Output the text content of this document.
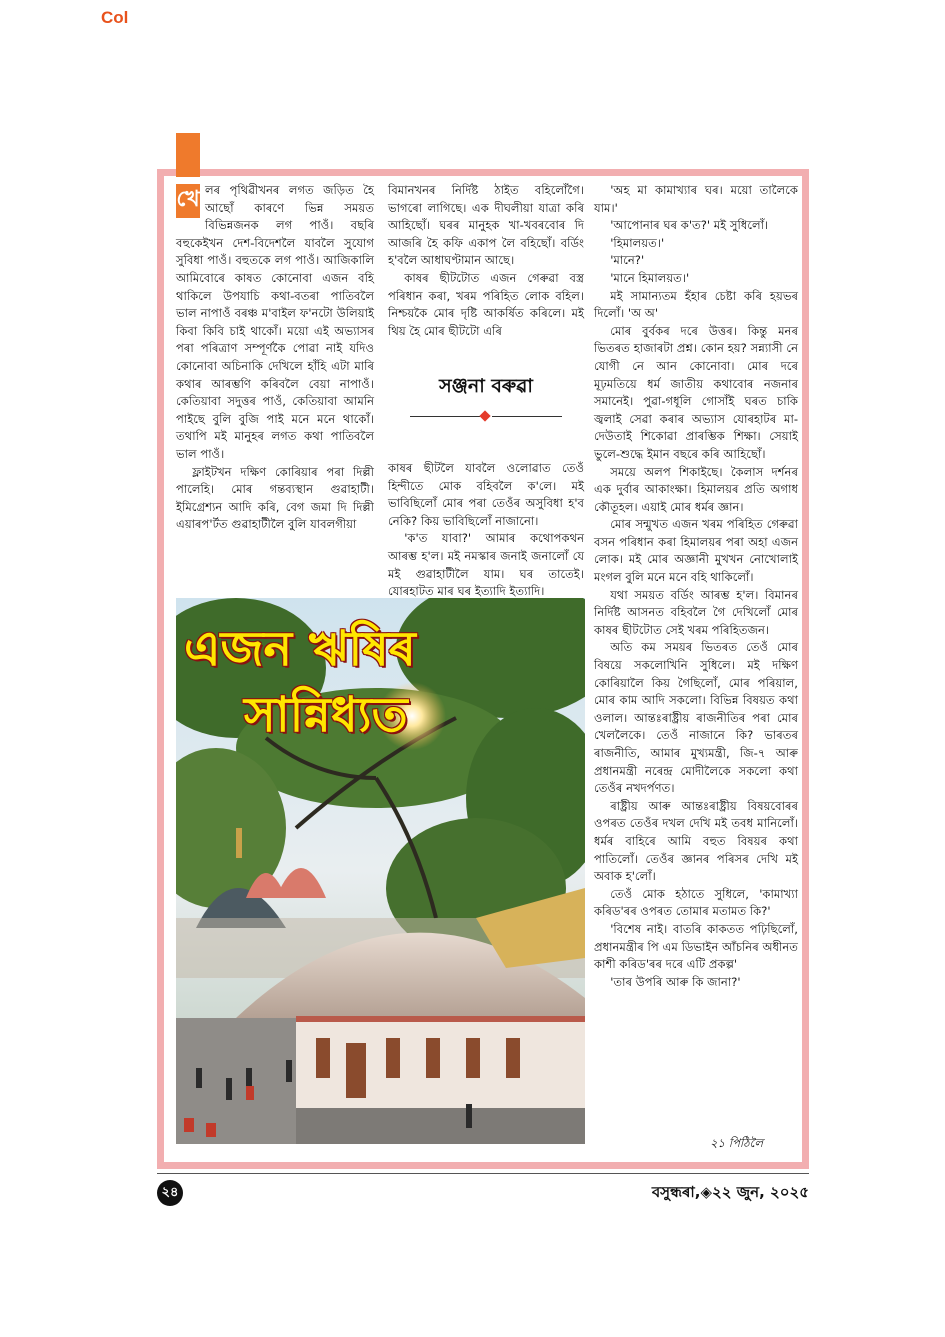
Col

খে লৰ পৃথিৱীখনৰ লগত জড়িত হৈ আছোঁ কাৰণে ভিন্ন সময়ত বিভিন্নজনক লগ পাওঁ। বছৰি বহুকেইখন দেশ-বিদেশলৈ যাবলৈ সুযোগ সুবিধা পাওঁ। বহুতকে লগ পাওঁ। আজিকালি আমিবোৰে কাষত কোনোবা এজন বহি থাকিলে উপযাচি কথা-বতৰা পাতিবলৈ ভাল নাপাওঁ বৰঞ্চ ম'বাইল ফ'নটো উলিয়াই কিবা কিবি চাই থাকোঁ। ময়ো এই অভ্যাসৰ পৰা পৰিত্ৰাণ সম্পূৰ্ণকৈ পোৱা নাই যদিও কোনোবা অচিনাকি দেখিলে হাঁহি এটা মাৰি কথাৰ আৰম্ভণি কৰিবলৈ বেয়া নাপাওঁ। কেতিয়াবা সদুত্তৰ পাওঁ, কেতিয়াবা আমনি পাইছে বুলি বুজি পাই মনে মনে থাকোঁ। তথাপি মই মানুহৰ লগত কথা পাতিবলৈ ভাল পাওঁ।

ফ্লাইটখন দক্ষিণ কোৰিয়াৰ পৰা দিল্লী পালেহি। মোৰ গন্তব্যস্থান গুৱাহাটী। ইমিগ্ৰেশ্যন আদি কৰি, বেগ জমা দি দিল্লী এয়াৰপ'ৰ্টত গুৱাহাটীলৈ বুলি যাবলগীয়া

বিমানখনৰ নিৰ্দিষ্ট ঠাইত বহিলোঁগৈ। ভাগৰো লাগিছে। এক দীঘলীয়া যাত্ৰা কৰি আহিছোঁ। ঘৰৰ মানুহক খা-খবৰবোৰ দি আজৰি হৈ কফি একাপ লৈ বহিছোঁ। বৰ্ডিং হ'বলৈ আধাঘণ্টামান আছে।

কাষৰ ছীটটোত এজন গেৰুৱা বস্ত্ৰ পৰিধান কৰা, খৰম পৰিহিত লোক বহিল। নিশ্চয়কৈ মোৰ দৃষ্টি আকৰ্ষিত কৰিলে। মই থিয় হৈ মোৰ ছীটটো এৰি

সঞ্জনা বৰুৱা

কাষৰ ছীটলৈ যাবলৈ ওলোৱাত তেওঁ হিন্দীতে মোক বহিবলৈ ক'লে। মই ভাবিছিলোঁ মোৰ পৰা তেওঁৰ অসুবিধা হ'ব নেকি? কিয় ভাবিছিলোঁ নাজানো।

'ক'ত যাবা?' আমাৰ কথোপকথন আৰম্ভ হ'ল। মই নমস্কাৰ জনাই জনালোঁ যে মই গুৱাহাটীলৈ যাম। ঘৰ তাতেই। যোৰহাটত মাৰ ঘৰ ইত্যাদি ইত্যাদি।

'অহ মা কামাখ্যাৰ ঘৰ। ময়ো তালৈকে যাম।'

'আপোনাৰ ঘৰ ক'ত?' মই সুধিলোঁ।

'হিমালয়ত।'

'মানে?'

'মানে হিমালয়ত।'

মই সামান্যতম হঁহাৰ চেষ্টা কৰি হয়ভৰ দিলোঁ। 'অ অ'

মোৰ বুৰ্বকৰ দৰে উত্তৰ। কিন্তু মনৰ ভিতৰত হাজাৰটা প্ৰশ্ন। কোন হয়? সন্ন্যাসী নে যোগী নে আন কোনোবা। মোৰ দৰে মূঢ়মতিয়ে ধৰ্ম জাতীয় কথাবোৰ নজনাৰ সমানেই। পুৱা-গধূলি গোসাঁই ঘৰত চাকি জ্বলাই সেৱা কৰাৰ অভ্যাস যোৰহাটৰ মা-দেউতাই শিকোৱা প্ৰাৰম্ভিক শিক্ষা। সেয়াই ভুলে-শুদ্ধে ইমান বছৰে কৰি আহিছোঁ।

সময়ে অলপ শিকাইছে। কৈলাস দৰ্শনৰ এক দুৰ্বাৰ আকাংক্ষা। হিমালয়ৰ প্ৰতি অগাধ কৌতূহল। এয়াই মোৰ ধৰ্মৰ জ্ঞান।

মোৰ সন্মুখত এজন খৰম পৰিহিত গেৰুৱা বসন পৰিধান কৰা হিমালয়ৰ পৰা অহা এজন লোক। মই মোৰ অজ্ঞানী মুখখন নোখোলাই মংগল বুলি মনে মনে বহি থাকিলোঁ।

যথা সময়ত বৰ্ডিং আৰম্ভ হ'ল। বিমানৰ নিৰ্দিষ্ট আসনত বহিবলৈ গৈ দেখিলোঁ মোৰ কাষৰ ছীটটোত সেই খৰম পৰিহিতজন।

অতি কম সময়ৰ ভিতৰত তেওঁ মোৰ বিষয়ে সকলোখিনি সুধিলে। মই দক্ষিণ কোৰিয়ালৈ কিয় গৈছিলোঁ, মোৰ পৰিয়াল, মোৰ কাম আদি সকলো। বিভিন্ন বিষয়ত কথা ওলাল। আন্তঃৰাষ্ট্ৰীয় ৰাজনীতিৰ পৰা মোৰ খেললৈকে। তেওঁ নাজানে কি? ভাৰতৰ ৰাজনীতি, আমাৰ মুখ্যমন্ত্ৰী, জি-৭ আৰু প্ৰধানমন্ত্ৰী নৰেন্দ্ৰ মোদীলৈকে সকলো কথা তেওঁৰ নখদৰ্পণত।

ৰাষ্ট্ৰীয় আৰু আন্তঃৰাষ্ট্ৰীয় বিষয়বোৰৰ ওপৰত তেওঁৰ দখল দেখি মই তবধ মানিলোঁ। ধৰ্মৰ বাহিৰে আমি বহুত বিষয়ৰ কথা পাতিলোঁ। তেওঁৰ জ্ঞানৰ পৰিসৰ দেখি মই অবাক হ'লোঁ।

তেওঁ মোক হঠাতে সুধিলে, 'কামাখ্যা কৰিড'ৰৰ ওপৰত তোমাৰ মতামত কি?'

'বিশেষ নাই। বাতৰি কাকতত পঢ়িছিলোঁ, প্ৰধানমন্ত্ৰীৰ পি এম ডিভাইন আঁচনিৰ অধীনত কাশী কৰিড'ৰৰ দৰে এটি প্ৰকল্প'

'তাৰ উপৰি আৰু কি জানা?'

এজন ঋষিৰ
সান্নিধ্যত
২১ পিঠিলৈ
২৪	বসুন্ধৰা,◈২২ জুন, ২০২৫
